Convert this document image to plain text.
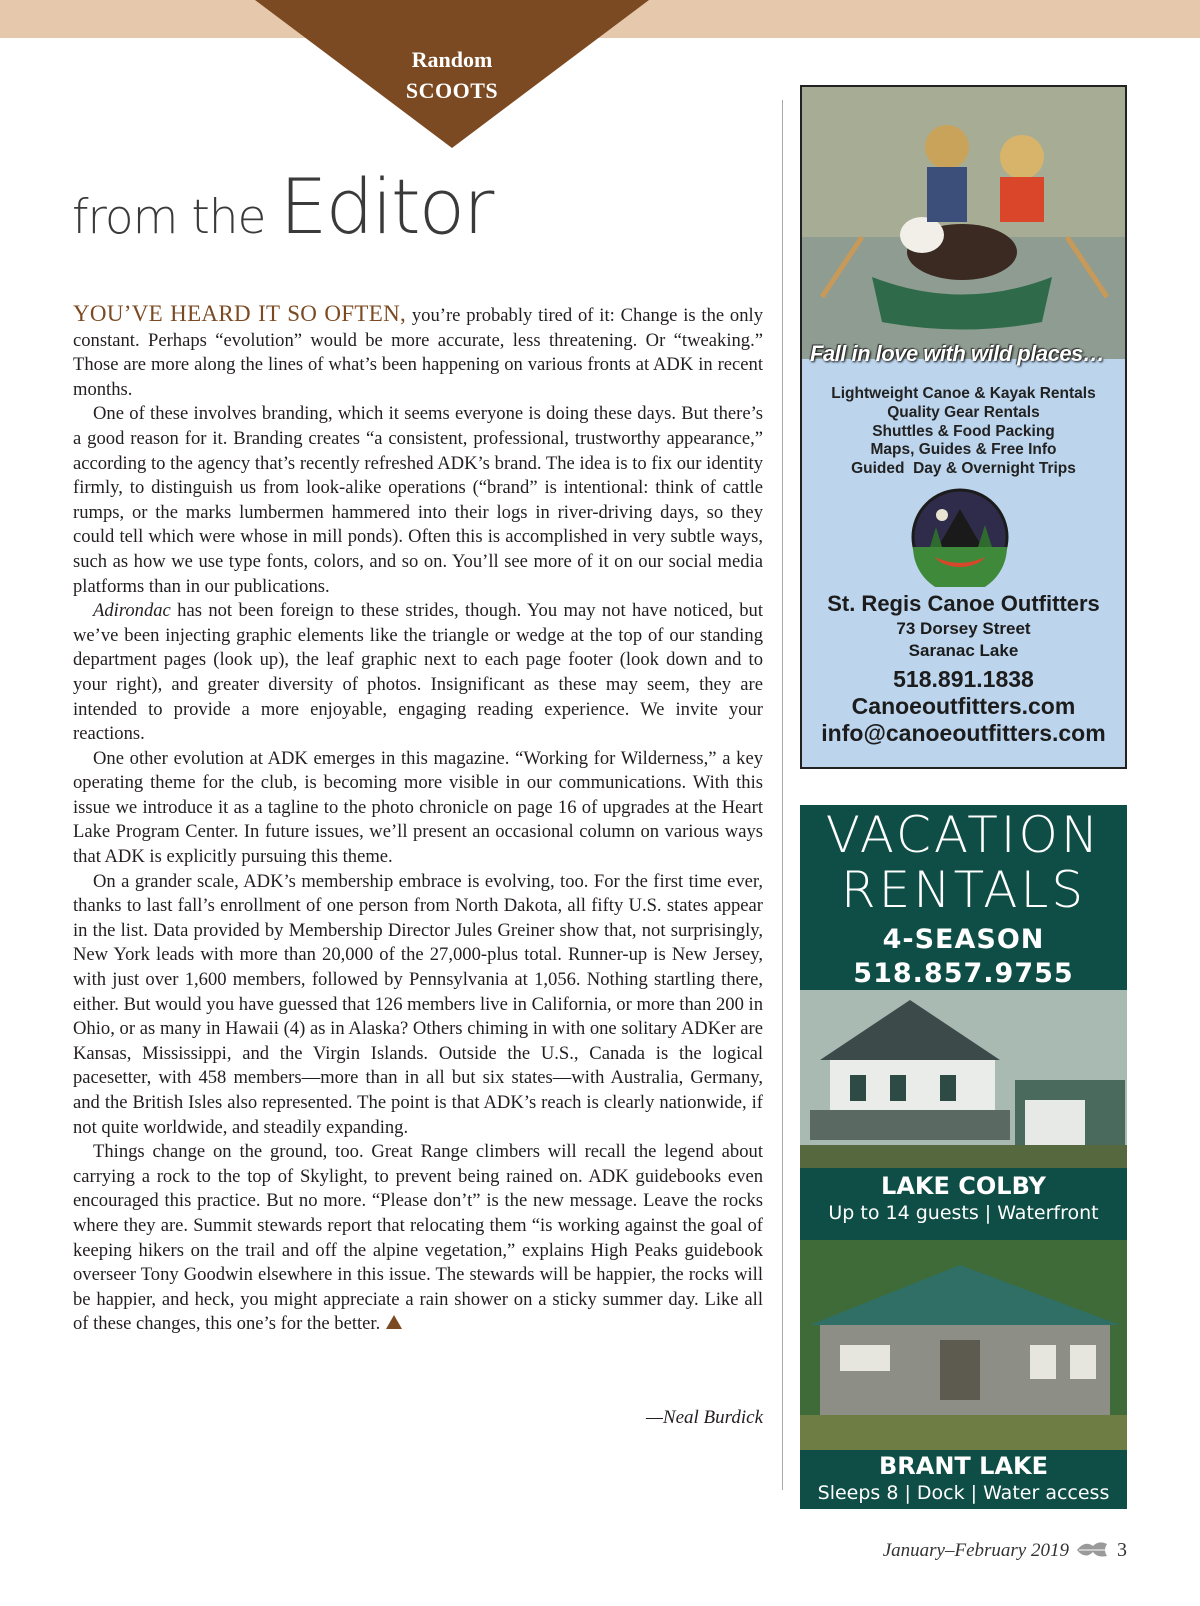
Random
SCOOTS
from the Editor

YOU’VE HEARD IT SO OFTEN, you’re probably tired of it: Change is the only constant. Perhaps “evolution” would be more accurate, less threatening. Or “tweaking.” Those are more along the lines of what’s been happening on various fronts at ADK in recent months.

One of these involves branding, which it seems everyone is doing these days. But there’s a good reason for it. Branding creates “a consistent, professional, trustworthy appearance,” according to the agency that’s recently refreshed ADK’s brand. The idea is to fix our identity firmly, to distinguish us from look-alike operations (“brand” is intentional: think of cattle rumps, or the marks lumbermen hammered into their logs in river-driving days, so they could tell which were whose in mill ponds). Often this is accomplished in very subtle ways, such as how we use type fonts, colors, and so on. You’ll see more of it on our social media platforms than in our publications.

Adirondac has not been foreign to these strides, though. You may not have noticed, but we’ve been injecting graphic elements like the triangle or wedge at the top of our standing department pages (look up), the leaf graphic next to each page footer (look down and to your right), and greater diversity of photos. Insignificant as these may seem, they are intended to provide a more enjoyable, engaging reading experience. We invite your reactions.

One other evolution at ADK emerges in this magazine. “Working for Wilderness,” a key operating theme for the club, is becoming more visible in our communications. With this issue we introduce it as a tagline to the photo chronicle on page 16 of upgrades at the Heart Lake Program Center. In future issues, we’ll present an occasional column on various ways that ADK is explicitly pursuing this theme.

On a grander scale, ADK’s membership embrace is evolving, too. For the first time ever, thanks to last fall’s enrollment of one person from North Dakota, all fifty U.S. states appear in the list. Data provided by Membership Director Jules Greiner show that, not surprisingly, New York leads with more than 20,000 of the 27,000-plus total. Runner-up is New Jersey, with just over 1,600 members, followed by Pennsylvania at 1,056. Nothing startling there, either. But would you have guessed that 126 members live in California, or more than 200 in Ohio, or as many in Hawaii (4) as in Alaska? Others chiming in with one solitary ADKer are Kansas, Mississippi, and the Virgin Islands. Outside the U.S., Canada is the logical pacesetter, with 458 members—more than in all but six states—with Australia, Germany, and the British Isles also represented. The point is that ADK’s reach is clearly nationwide, if not quite worldwide, and steadily expanding.

Things change on the ground, too. Great Range climbers will recall the legend about carrying a rock to the top of Skylight, to prevent being rained on. ADK guidebooks even encouraged this practice. But no more. “Please don’t” is the new message. Leave the rocks where they are. Summit stewards report that relocating them “is working against the goal of keeping hikers on the trail and off the alpine vegetation,” explains High Peaks guidebook overseer Tony Goodwin elsewhere in this issue. The stewards will be happier, the rocks will be happier, and heck, you might appreciate a rain shower on a sticky summer day. Like all of these changes, this one’s for the better.

—Neal Burdick
Fall in love with wild places…
Lightweight Canoe & Kayak Rentals
Quality Gear Rentals
Shuttles & Food Packing
Maps, Guides & Free Info
Guided  Day & Overnight Trips
St. Regis Canoe Outfitters
73 Dorsey Street
Saranac Lake
518.891.1838
Canoeoutfitters.com
info@canoeoutfitters.com
VACATION
RENTALS
4-SEASON
518.857.9755
LAKE COLBY
Up to 14 guests | Waterfront
BRANT LAKE
Sleeps 8 | Dock | Water access
January–February 2019 3
